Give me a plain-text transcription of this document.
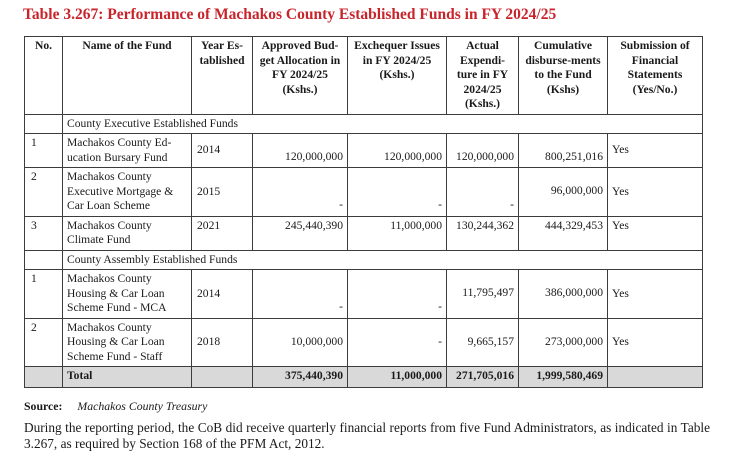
Table 3.267: Performance of Machakos County Established Funds in FY 2024/25
No.	Name of the Fund	Year Es-tablished	Approved Bud-get Allocation in FY 2024/25 (Kshs.)	Exchequer Issues in FY 2024/25 (Kshs.)	Actual Expendi-ture in FY 2024/25 (Kshs.)	Cumulative disburse-ments to the Fund (Kshs)	Submission of Financial Statements (Yes/No.)
	County Executive Established Funds						
1	Machakos County Ed-ucation Bursary Fund	2014	120,000,000	120,000,000	120,000,000	800,251,016	Yes
2	Machakos County Executive Mortgage & Car Loan Scheme	2015	-	-	-	96,000,000	Yes
3	Machakos County Climate Fund	2021	245,440,390	11,000,000	130,244,362	444,329,453	Yes
	County Assembly Established Funds						
1	Machakos County Housing & Car Loan Scheme Fund - MCA	2014	-	-	11,795,497	386,000,000	Yes
2	Machakos County Housing & Car Loan Scheme Fund - Staff	2018	10,000,000	-	9,665,157	273,000,000	Yes
	Total		375,440,390	11,000,000	271,705,016	1,999,580,469	
Source: Machakos County Treasury
During the reporting period, the CoB did receive quarterly financial reports from five Fund Administrators, as indicated in Table 3.267, as required by Section 168 of the PFM Act, 2012.
